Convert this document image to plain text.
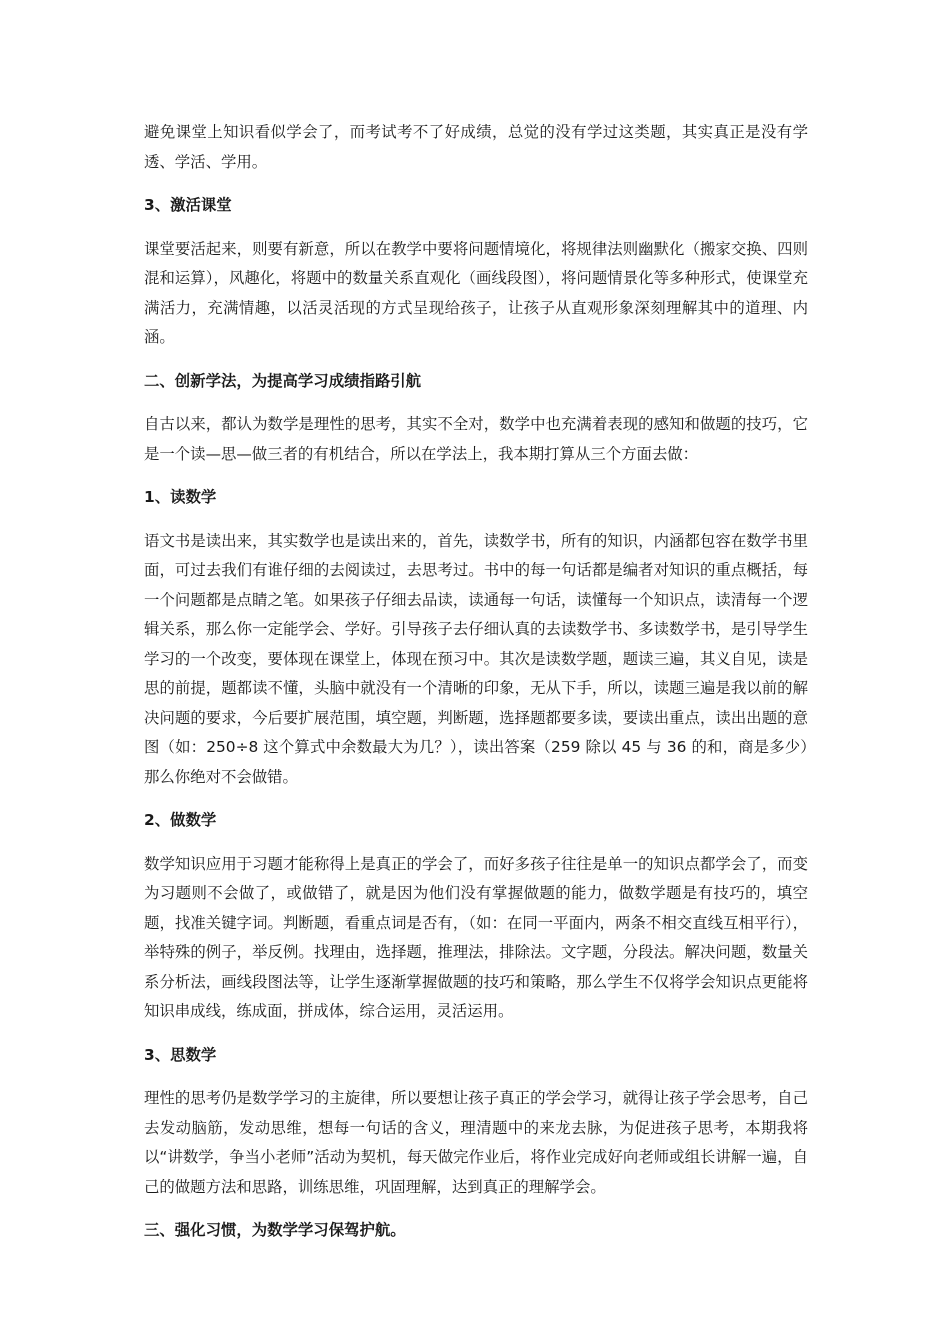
避免课堂上知识看似学会了，而考试考不了好成绩，总觉的没有学过这类题，其实真正是没有学透、学活、学用。

3、激活课堂

课堂要活起来，则要有新意，所以在教学中要将问题情境化，将规律法则幽默化（搬家交换、四则混和运算），风趣化，将题中的数量关系直观化（画线段图），将问题情景化等多种形式，使课堂充满活力，充满情趣，以活灵活现的方式呈现给孩子，让孩子从直观形象深刻理解其中的道理、内涵。

二、创新学法，为提高学习成绩指路引航

自古以来，都认为数学是理性的思考，其实不全对，数学中也充满着表现的感知和做题的技巧，它是一个读—思—做三者的有机结合，所以在学法上，我本期打算从三个方面去做：

1、读数学

语文书是读出来，其实数学也是读出来的，首先，读数学书，所有的知识，内涵都包容在数学书里面，可过去我们有谁仔细的去阅读过，去思考过。书中的每一句话都是编者对知识的重点概括，每一个问题都是点睛之笔。如果孩子仔细去品读，读通每一句话，读懂每一个知识点，读清每一个逻辑关系，那么你一定能学会、学好。引导孩子去仔细认真的去读数学书、多读数学书，是引导学生学习的一个改变，要体现在课堂上，体现在预习中。其次是读数学题，题读三遍，其义自见，读是思的前提，题都读不懂，头脑中就没有一个清晰的印象，无从下手，所以，读题三遍是我以前的解决问题的要求，今后要扩展范围，填空题，判断题，选择题都要多读，要读出重点，读出出题的意图（如：250÷8 这个算式中余数最大为几？），读出答案（259 除以 45 与 36 的和，商是多少）那么你绝对不会做错。

2、做数学

数学知识应用于习题才能称得上是真正的学会了，而好多孩子往往是单一的知识点都学会了，而变为习题则不会做了，或做错了，就是因为他们没有掌握做题的能力，做数学题是有技巧的，填空题，找准关键字词。判断题，看重点词是否有，（如：在同一平面内，两条不相交直线互相平行），举特殊的例子，举反例。找理由，选择题，推理法，排除法。文字题，分段法。解决问题，数量关系分析法，画线段图法等，让学生逐渐掌握做题的技巧和策略，那么学生不仅将学会知识点更能将知识串成线，练成面，拼成体，综合运用，灵活运用。

3、思数学

理性的思考仍是数学学习的主旋律，所以要想让孩子真正的学会学习，就得让孩子学会思考，自己去发动脑筋，发动思维，想每一句话的含义，理清题中的来龙去脉，为促进孩子思考，本期我将以“讲数学，争当小老师”活动为契机，每天做完作业后，将作业完成好向老师或组长讲解一遍，自己的做题方法和思路，训练思维，巩固理解，达到真正的理解学会。

三、强化习惯，为数学学习保驾护航。
